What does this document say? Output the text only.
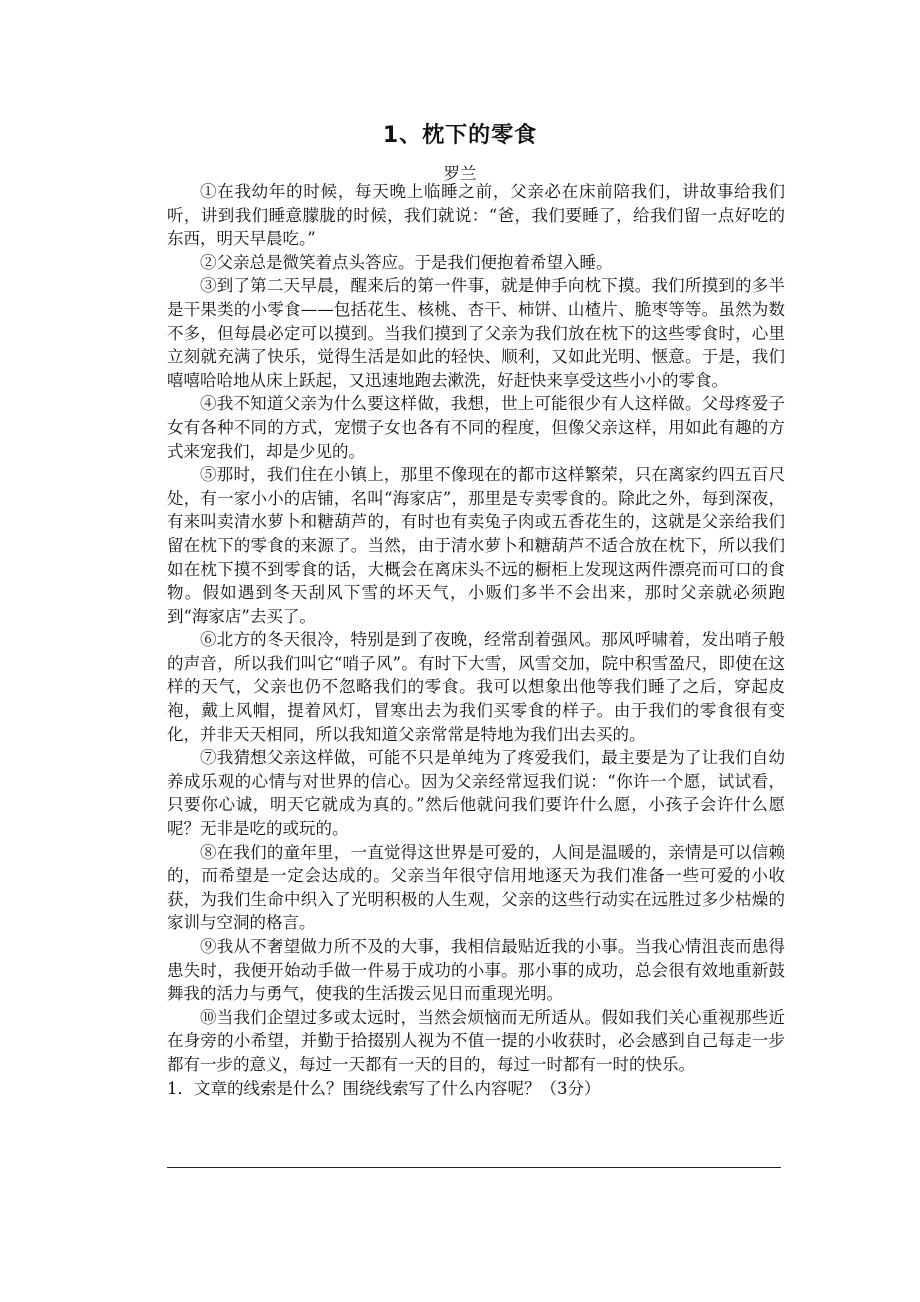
1、枕下的零食
罗兰

①在我幼年的时候，每天晚上临睡之前，父亲必在床前陪我们，讲故事给我们听，讲到我们睡意朦胧的时候，我们就说：“爸，我们要睡了，给我们留一点好吃的东西，明天早晨吃。”

②父亲总是微笑着点头答应。于是我们便抱着希望入睡。

③到了第二天早晨，醒来后的第一件事，就是伸手向枕下摸。我们所摸到的多半是干果类的小零食——包括花生、核桃、杏干、柿饼、山楂片、脆枣等等。虽然为数不多，但每晨必定可以摸到。当我们摸到了父亲为我们放在枕下的这些零食时，心里立刻就充满了快乐，觉得生活是如此的轻快、顺利，又如此光明、惬意。于是，我们嘻嘻哈哈地从床上跃起，又迅速地跑去漱洗，好赶快来享受这些小小的零食。

④我不知道父亲为什么要这样做，我想，世上可能很少有人这样做。父母疼爱子女有各种不同的方式，宠惯子女也各有不同的程度，但像父亲这样，用如此有趣的方式来宠我们，却是少见的。

⑤那时，我们住在小镇上，那里不像现在的都市这样繁荣，只在离家约四五百尺处，有一家小小的店铺，名叫“海家店”，那里是专卖零食的。除此之外，每到深夜，有来叫卖清水萝卜和糖葫芦的，有时也有卖兔子肉或五香花生的，这就是父亲给我们留在枕下的零食的来源了。当然，由于清水萝卜和糖葫芦不适合放在枕下，所以我们如在枕下摸不到零食的话，大概会在离床头不远的橱柜上发现这两件漂亮而可口的食物。假如遇到冬天刮风下雪的坏天气，小贩们多半不会出来，那时父亲就必须跑到“海家店”去买了。

⑥北方的冬天很冷，特别是到了夜晚，经常刮着强风。那风呼啸着，发出哨子般的声音，所以我们叫它“哨子风”。有时下大雪，风雪交加，院中积雪盈尺，即使在这样的天气，父亲也仍不忽略我们的零食。我可以想象出他等我们睡了之后，穿起皮袍，戴上风帽，提着风灯，冒寒出去为我们买零食的样子。由于我们的零食很有变化，并非天天相同，所以我知道父亲常常是特地为我们出去买的。

⑦我猜想父亲这样做，可能不只是单纯为了疼爱我们，最主要是为了让我们自幼养成乐观的心情与对世界的信心。因为父亲经常逗我们说：“你许一个愿，试试看，只要你心诚，明天它就成为真的。”然后他就问我们要许什么愿，小孩子会许什么愿呢？无非是吃的或玩的。

⑧在我们的童年里，一直觉得这世界是可爱的，人间是温暖的，亲情是可以信赖的，而希望是一定会达成的。父亲当年很守信用地逐天为我们准备一些可爱的小收获，为我们生命中织入了光明积极的人生观，父亲的这些行动实在远胜过多少枯燥的家训与空洞的格言。

⑨我从不奢望做力所不及的大事，我相信最贴近我的小事。当我心情沮丧而患得患失时，我便开始动手做一件易于成功的小事。那小事的成功，总会很有效地重新鼓舞我的活力与勇气，使我的生活拨云见日而重现光明。

⑩当我们企望过多或太远时，当然会烦恼而无所适从。假如我们关心重视那些近在身旁的小希望，并勤于拾掇别人视为不值一提的小收获时，必会感到自己每走一步都有一步的意义，每过一天都有一天的目的，每过一时都有一时的快乐。

1．文章的线索是什么？围绕线索写了什么内容呢？（3分）
